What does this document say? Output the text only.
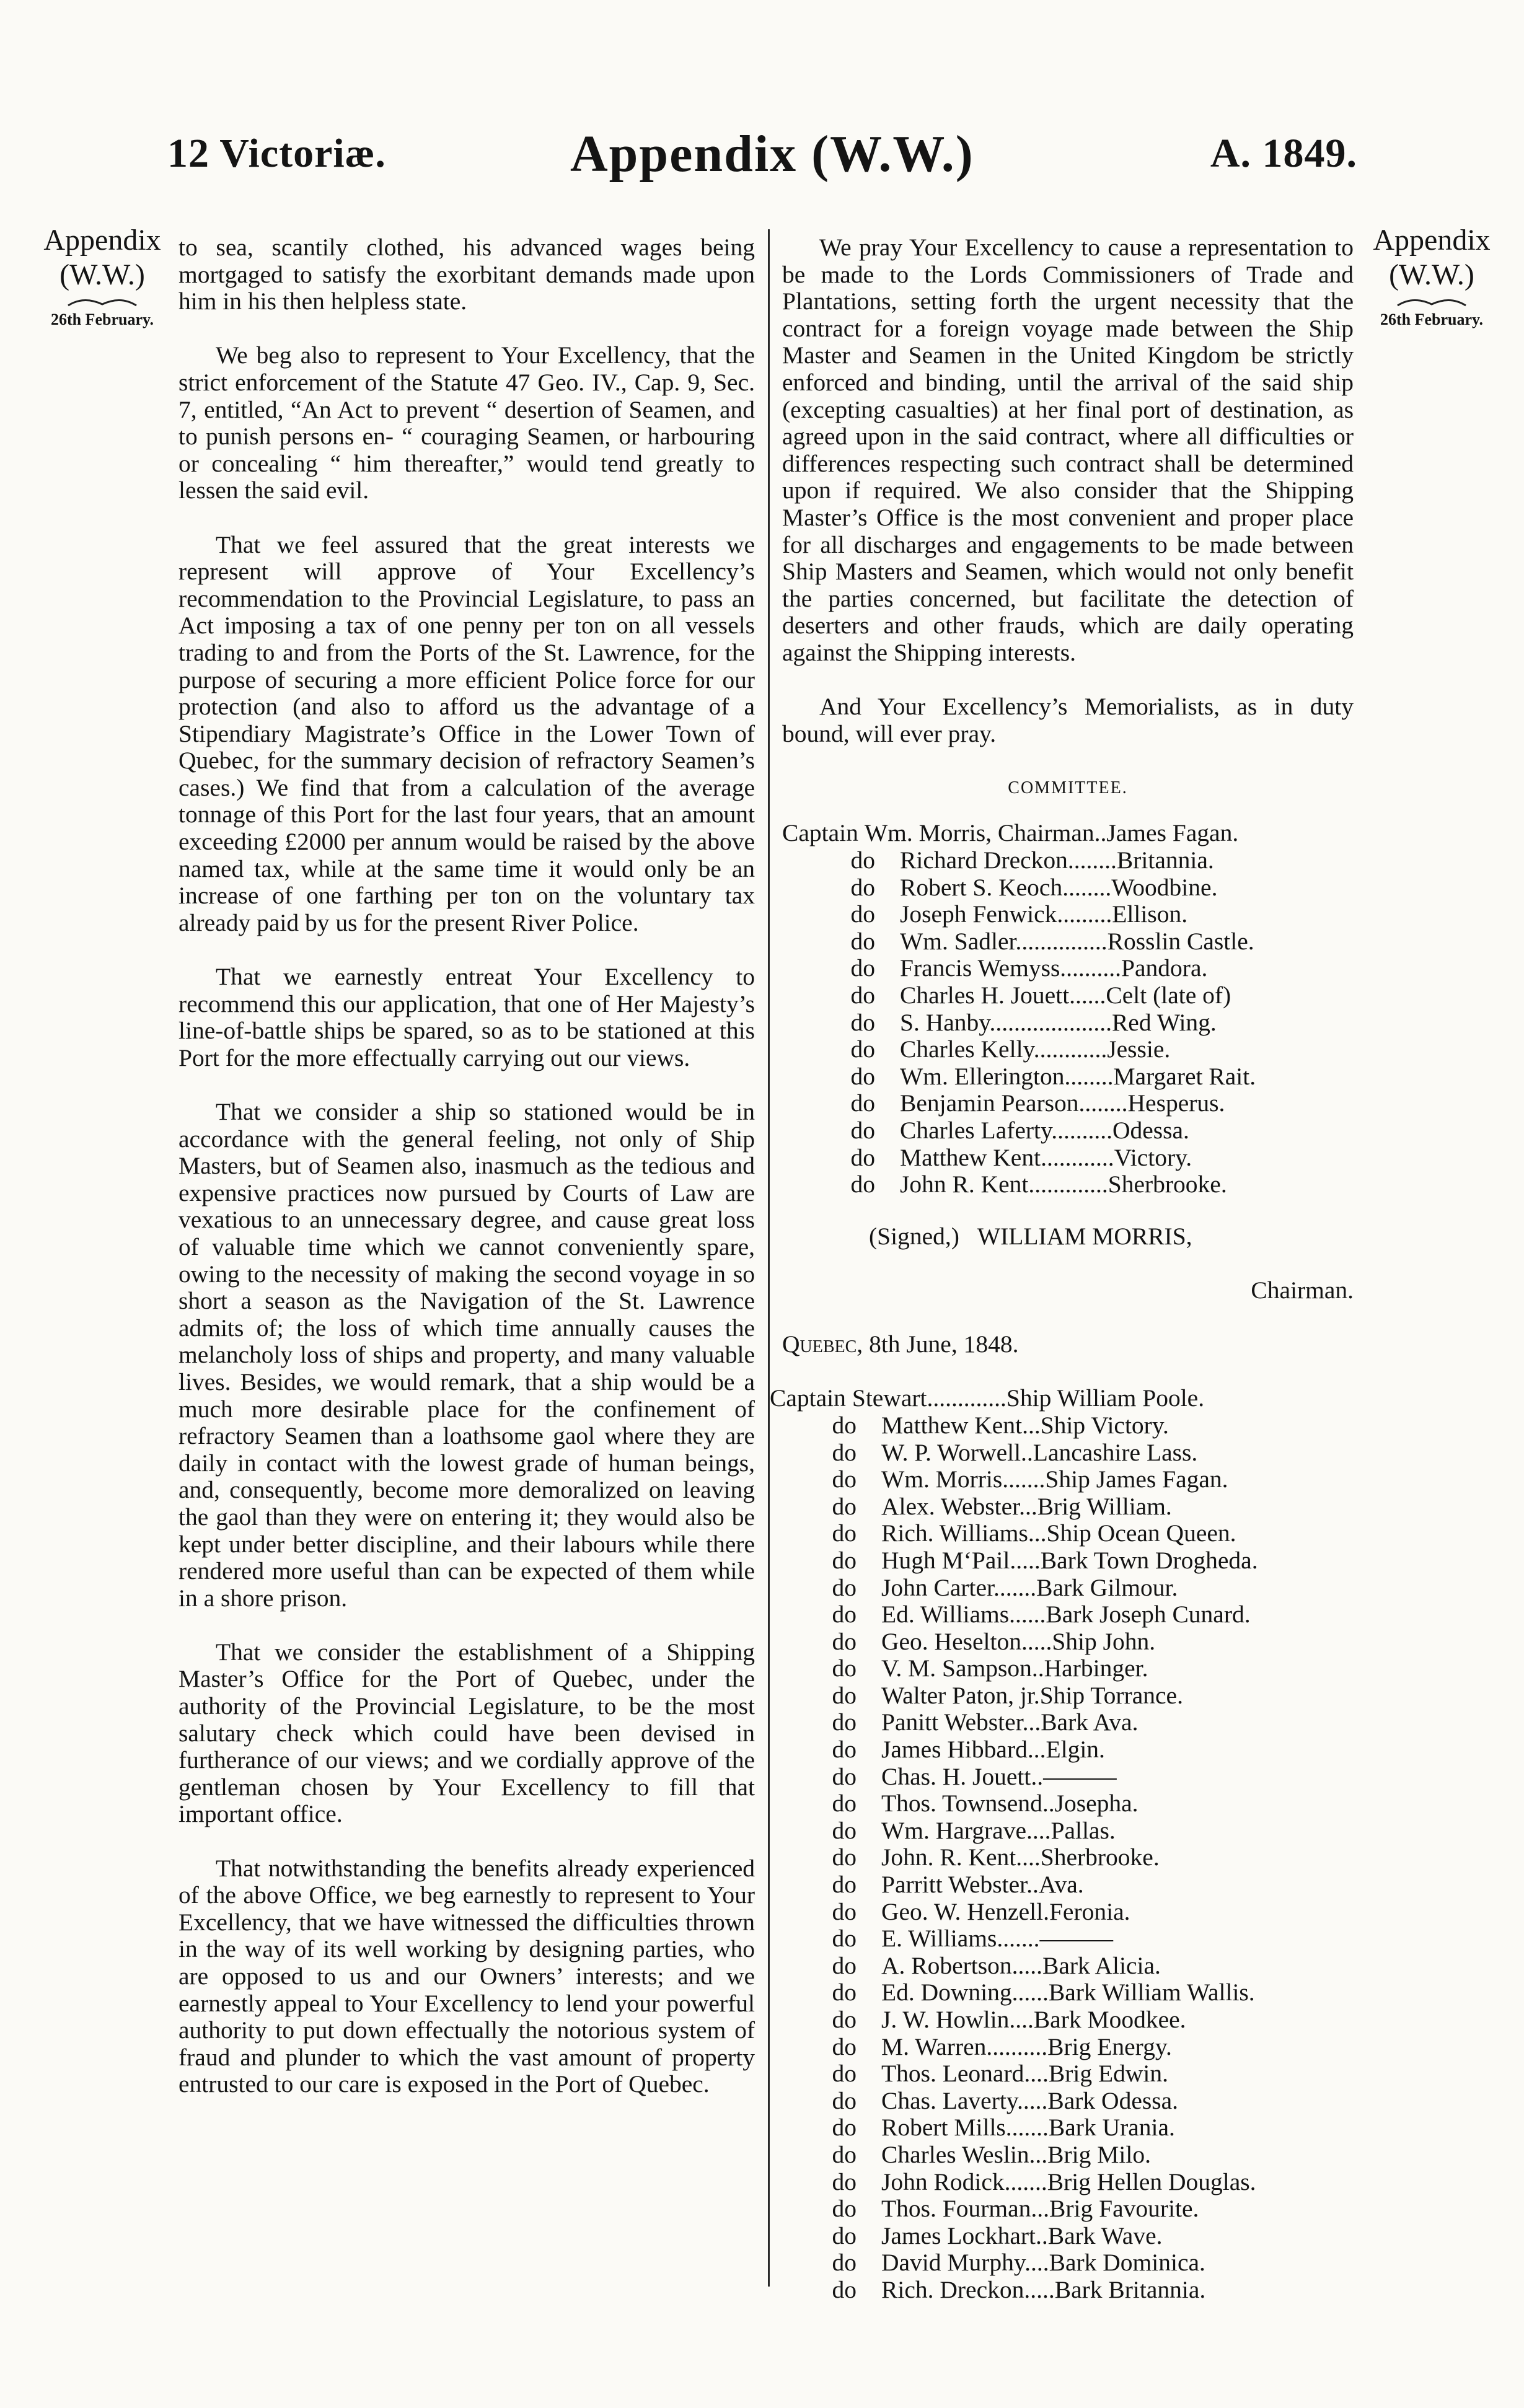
12 Victoriæ.	Appendix (W.W.)	A. 1849.
Appendix
(W.W.)
26th February.
Appendix
(W.W.)
26th February.

to sea, scantily clothed, his advanced wages being mortgaged to satisfy the exorbitant demands made upon him in his then helpless state.

We beg also to represent to Your Excellency, that the strict enforcement of the Statute 47 Geo. IV., Cap. 9, Sec. 7, entitled, “An Act to prevent “ desertion of Seamen, and to punish persons en- “ couraging Seamen, or harbouring or concealing “ him thereafter,” would tend greatly to lessen the said evil.

That we feel assured that the great interests we represent will approve of Your Excellency’s recommendation to the Provincial Legislature, to pass an Act imposing a tax of one penny per ton on all vessels trading to and from the Ports of the St. Lawrence, for the purpose of securing a more efficient Police force for our protection (and also to afford us the advantage of a Stipendiary Magistrate’s Office in the Lower Town of Quebec, for the summary decision of refractory Seamen’s cases.) We find that from a calculation of the average tonnage of this Port for the last four years, that an amount exceeding £2000 per annum would be raised by the above named tax, while at the same time it would only be an increase of one farthing per ton on the voluntary tax already paid by us for the present River Police.

That we earnestly entreat Your Excellency to recommend this our application, that one of Her Majesty’s line-of-battle ships be spared, so as to be stationed at this Port for the more effectually carrying out our views.

That we consider a ship so stationed would be in accordance with the general feeling, not only of Ship Masters, but of Seamen also, inasmuch as the tedious and expensive practices now pursued by Courts of Law are vexatious to an unnecessary degree, and cause great loss of valuable time which we cannot conveniently spare, owing to the necessity of making the second voyage in so short a season as the Navigation of the St. Lawrence admits of; the loss of which time annually causes the melancholy loss of ships and property, and many valuable lives. Besides, we would remark, that a ship would be a much more desirable place for the confinement of refractory Seamen than a loathsome gaol where they are daily in contact with the lowest grade of human beings, and, consequently, become more demoralized on leaving the gaol than they were on entering it; they would also be kept under better discipline, and their labours while there rendered more useful than can be expected of them while in a shore prison.

That we consider the establishment of a Shipping Master’s Office for the Port of Quebec, under the authority of the Provincial Legislature, to be the most salutary check which could have been devised in furtherance of our views; and we cordially approve of the gentleman chosen by Your Excellency to fill that important office.

That notwithstanding the benefits already experienced of the above Office, we beg earnestly to represent to Your Excellency, that we have witnessed the difficulties thrown in the way of its well working by designing parties, who are opposed to us and our Owners’ interests; and we earnestly appeal to Your Excellency to lend your powerful authority to put down effectually the notorious system of fraud and plunder to which the vast amount of property entrusted to our care is exposed in the Port of Quebec.

We pray Your Excellency to cause a representation to be made to the Lords Commissioners of Trade and Plantations, setting forth the urgent necessity that the contract for a foreign voyage made between the Ship Master and Seamen in the United Kingdom be strictly enforced and binding, until the arrival of the said ship (excepting casualties) at her final port of destination, as agreed upon in the said contract, where all difficulties or differences respecting such contract shall be determined upon if required. We also consider that the Shipping Master’s Office is the most convenient and proper place for all discharges and engagements to be made between Ship Masters and Seamen, which would not only benefit the parties concerned, but facilitate the detection of deserters and other frauds, which are daily operating against the Shipping interests.

And Your Excellency’s Memorialists, as in duty bound, will ever pray.

COMMITTEE.
Captain Wm. Morris, Chairman..James Fagan.
do	Richard Dreckon........Britannia.
do	Robert S. Keoch........Woodbine.
do	Joseph Fenwick.........Ellison.
do	Wm. Sadler...............Rosslin Castle.
do	Francis Wemyss..........Pandora.
do	Charles H. Jouett......Celt (late of)
do	S. Hanby....................Red Wing.
do	Charles Kelly............Jessie.
do	Wm. Ellerington........Margaret Rait.
do	Benjamin Pearson........Hesperus.
do	Charles Laferty..........Odessa.
do	Matthew Kent............Victory.
do	John R. Kent.............Sherbrooke.

(Signed,) WILLIAM MORRIS,

Chairman.

Quebec, 8th June, 1848.

Captain Stewart.............Ship William Poole.
do	Matthew Kent...Ship Victory.
do	W. P. Worwell..Lancashire Lass.
do	Wm. Morris.......Ship James Fagan.
do	Alex. Webster...Brig William.
do	Rich. Williams...Ship Ocean Queen.
do	Hugh M‘Pail.....Bark Town Drogheda.
do	John Carter.......Bark Gilmour.
do	Ed. Williams......Bark Joseph Cunard.
do	Geo. Heselton.....Ship John.
do	V. M. Sampson..Harbinger.
do	Walter Paton, jr.Ship Torrance.
do	Panitt Webster...Bark Ava.
do	James Hibbard...Elgin.
do	Chas. H. Jouett..———
do	Thos. Townsend..Josepha.
do	Wm. Hargrave....Pallas.
do	John. R. Kent....Sherbrooke.
do	Parritt Webster..Ava.
do	Geo. W. Henzell.Feronia.
do	E. Williams.......———
do	A. Robertson.....Bark Alicia.
do	Ed. Downing......Bark William Wallis.
do	J. W. Howlin....Bark Moodkee.
do	M. Warren..........Brig Energy.
do	Thos. Leonard....Brig Edwin.
do	Chas. Laverty.....Bark Odessa.
do	Robert Mills.......Bark Urania.
do	Charles Weslin...Brig Milo.
do	John Rodick.......Brig Hellen Douglas.
do	Thos. Fourman...Brig Favourite.
do	James Lockhart..Bark Wave.
do	David Murphy....Bark Dominica.
do	Rich. Dreckon.....Bark Britannia.
